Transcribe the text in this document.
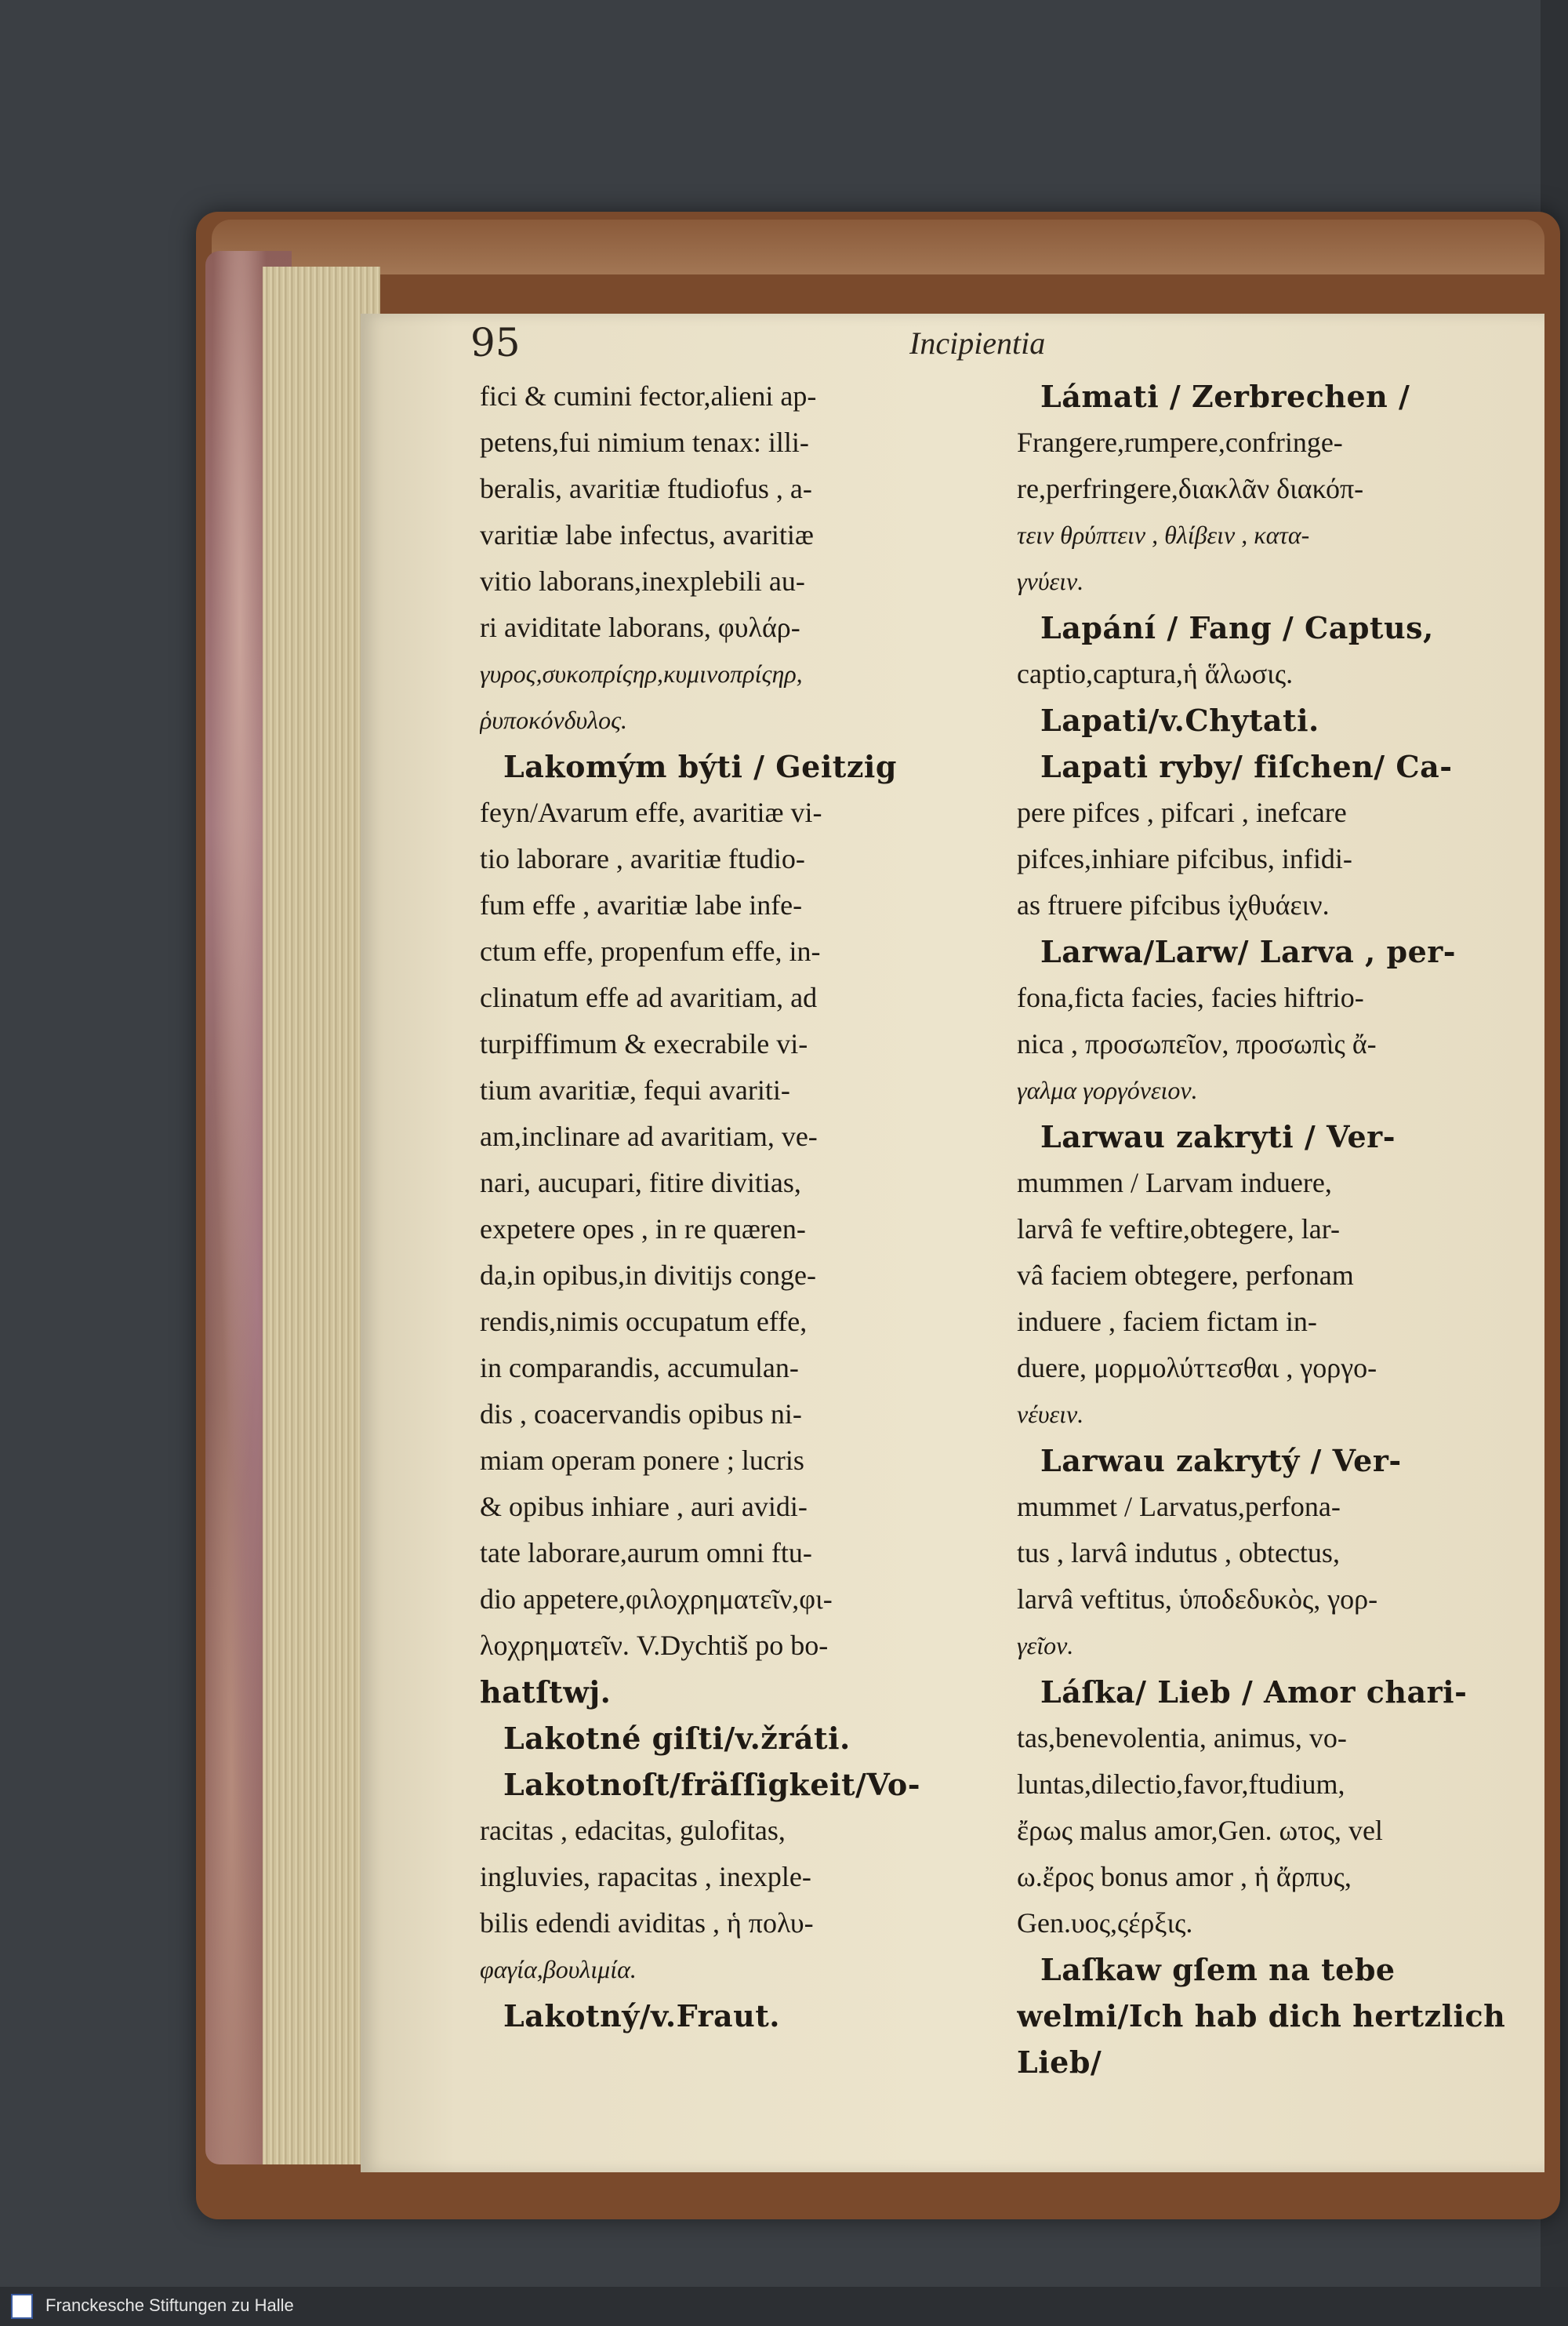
95	Incipientia
fici & cumini fector,alieni ap-
petens,fui nimium tenax: illi-
beralis, avaritiæ ftudiofus , a-
varitiæ labe infectus, avaritiæ
vitio laborans,inexplebili au-
ri aviditate laborans, φυλάρ-
γυρος,συκοπρίςηρ,κυμινοπρίςηρ,
ῥυποκόνδυλος.
Lakomým býti / Geitzig
feyn/Avarum effe, avaritiæ vi-
tio laborare , avaritiæ ftudio-
fum effe , avaritiæ labe infe-
ctum effe, propenfum effe, in-
clinatum effe ad avaritiam, ad
turpiffimum & execrabile vi-
tium avaritiæ, fequi avariti-
am,inclinare ad avaritiam, ve-
nari, aucupari, fitire divitias,
expetere opes , in re quæren-
da,in opibus,in divitijs conge-
rendis,nimis occupatum effe,
in comparandis, accumulan-
dis , coacervandis opibus ni-
miam operam ponere ; lucris
& opibus inhiare , auri avidi-
tate laborare,aurum omni ftu-
dio appetere,φιλοχρηματεῖν,φι-
λοχρηματεῖν. V.Dychtiš po bo-
hatſtwj.
Lakotné giſti/v.žráti.
Lakotnoſt/fräſſigkeit/Vo-
racitas , edacitas, gulofitas,
ingluvies, rapacitas , inexple-
bilis edendi aviditas , ἡ πολυ-
φαγία,βουλιμία.
Lakotný/v.Fraut.
Lámati / Zerbrechen /
Frangere,rumpere,confringe-
re,perfringere,διακλᾶν διακόπ-
τειν θρύπτειν , θλίβειν , κατα-
γνύειν.
Lapání / Fang / Captus,
captio,captura,ἡ ἅλωσις.
Lapati/v.Chytati.
Lapati ryby/ fiſchen/ Ca-
pere pifces , pifcari , inefcare
pifces,inhiare pifcibus, infidi-
as ftruere pifcibus ἰχθυάειν.
Larwa/Larw/ Larva , per-
fona,ficta facies, facies hiftrio-
nica , προσωπεῖον, προσωπὶς ἄ-
γαλμα γοργόνειον.
Larwau zakryti / Ver-
mummen / Larvam induere,
larvâ fe veftire,obtegere, lar-
vâ faciem obtegere, perfonam
induere , faciem fictam in-
duere, μορμολύττεσθαι , γοργο-
νέυειν.
Larwau zakrytý / Ver-
mummet / Larvatus,perfona-
tus , larvâ indutus , obtectus,
larvâ veftitus, ὑποδεδυκὸς, γορ-
γεῖον.
Láſka/ Lieb / Amor chari-
tas,benevolentia, animus, vo-
luntas,dilectio,favor,ftudium,
ἔρως malus amor,Gen. ωτος, vel
ω.ἔρος bonus amor , ἡ ἄρπυς,
Gen.υος,ςέρξις.
Laſkaw gſem na tebe
welmi/Ich hab dich hertzlich
Lieb/
Franckesche Stiftungen zu Halle
